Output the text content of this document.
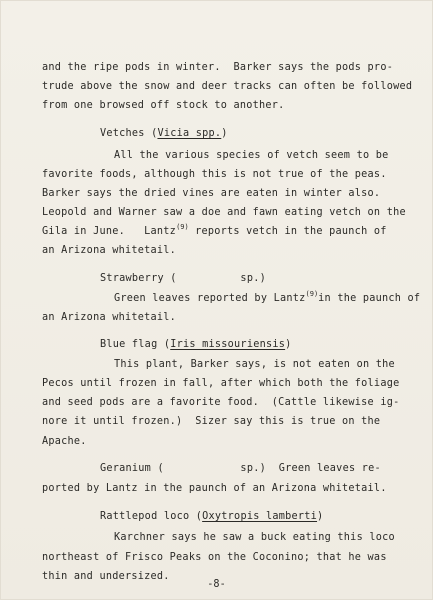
and the ripe pods in winter.  Barker says the pods pro-
trude above the snow and deer tracks can often be followed
from one browsed off stock to another.
Vetches (Vicia spp.)
All the various species of vetch seem to be
favorite foods, although this is not true of the peas.
Barker says the dried vines are eaten in winter also.
Leopold and Warner saw a doe and fawn eating vetch on the
Gila in June.   Lantz$^{(9)}$ reports vetch in the paunch of
an Arizona whitetail.
Strawberry (          sp.)
Green leaves reported by Lantz$^{(9)}$in the paunch of
an Arizona whitetail.
Blue flag (Iris missouriensis)
This plant, Barker says, is not eaten on the
Pecos until frozen in fall, after which both the foliage
and seed pods are a favorite food.  (Cattle likewise ig-
nore it until frozen.)  Sizer say this is true on the
Apache.
Geranium (            sp.)  Green leaves re-
ported by Lantz in the paunch of an Arizona whitetail.
Rattlepod loco (Oxytropis lamberti)
Karchner says he saw a buck eating this loco
northeast of Frisco Peaks on the Coconino; that he was
thin and undersized.
-8-
